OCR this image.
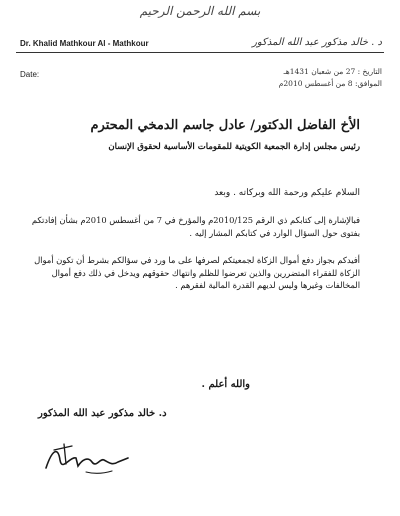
بسم الله الرحمن الرحيم
Dr. Khalid Mathkour Al - Mathkour	د . خالد مذكور عبد الله المذكور
Date:	التاريخ : 27 من شعبان 1431هـ
الموافق: 8 من أغسطس 2010م
الأخ الفاضل الدكتور/ عادل جاسم الدمخي المحترم
رئيس مجلس إدارة الجمعية الكويتية للمقومات الأساسية لحقوق الإنسان
السلام عليكم ورحمة الله وبركاته . وبعد
فبالإشارة إلى كتابكم ذي الرقم 2010/125م والمؤرخ في 7 من أغسطس 2010م بشأن إفادتكم بفتوى حول السؤال الوارد في كتابكم المشار إليه .
أفيدكم بجواز دفع أموال الزكاة لجمعيتكم لصرفها على ما ورد في سؤالكم بشرط أن تكون أموال الزكاة للفقراء المتضررين والذين تعرضوا للظلم وانتهاك حقوقهم ويدخل في ذلك دفع أموال المخالفات وغيرها وليس لديهم القدرة المالية لفقرهم .
والله أعلم .
د. خالد مذكور عبد الله المذكور
